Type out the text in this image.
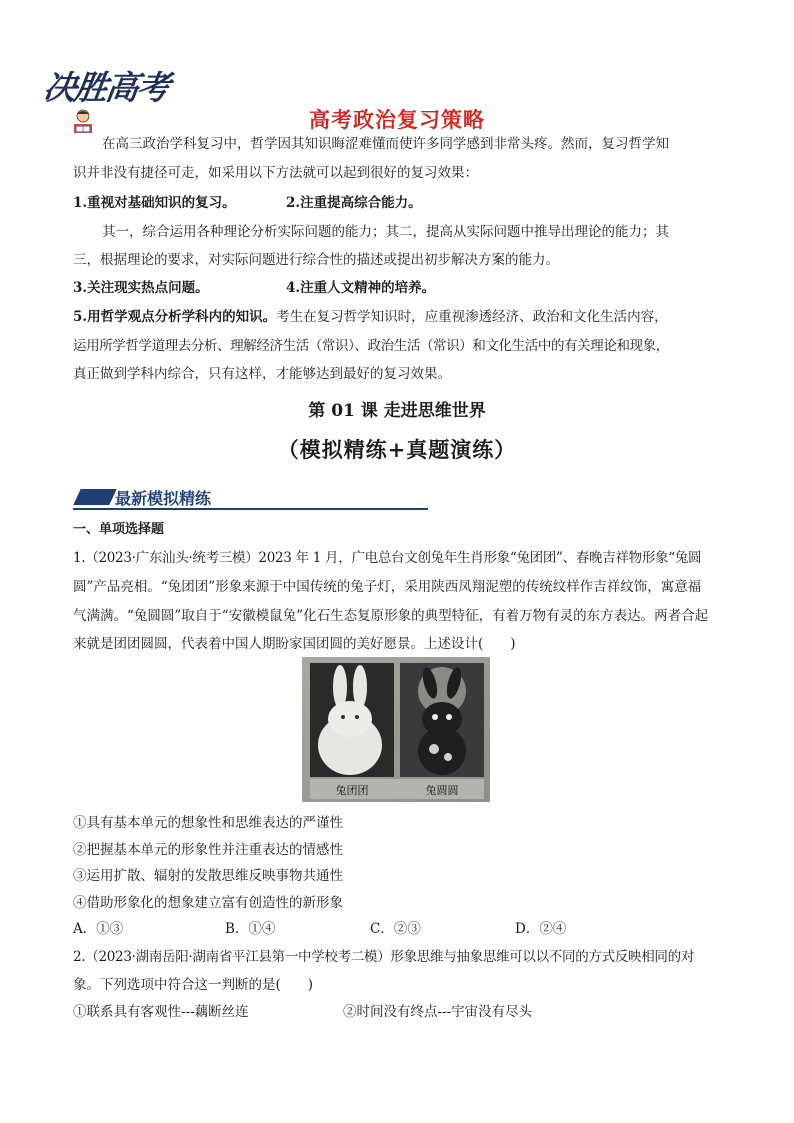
决胜高考
高考政治复习策略
在高三政治学科复习中，哲学因其知识晦涩难懂而使许多同学感到非常头疼。然而，复习哲学知
识并非没有捷径可走，如采用以下方法就可以起到很好的复习效果：
1.重视对基础知识的复习。	2.注重提高综合能力。
其一，综合运用各种理论分析实际问题的能力；其二，提高从实际问题中推导出理论的能力；其
三，根据理论的要求，对实际问题进行综合性的描述或提出初步解决方案的能力。
3.关注现实热点问题。	4.注重人文精神的培养。
5.用哲学观点分析学科内的知识。考生在复习哲学知识时，应重视渗透经济、政治和文化生活内容，
运用所学哲学道理去分析、理解经济生活（常识）、政治生活（常识）和文化生活中的有关理论和现象，
真正做到学科内综合，只有这样，才能够达到最好的复习效果。
第 01 课 走进思维世界
（模拟精练+真题演练）
最新模拟精练
一、单项选择题
1.（2023·广东汕头·统考三模）2023 年 1 月，广电总台文创兔年生肖形象“兔团团”、春晚吉祥物形象“兔圆
圆”产品亮相。“兔团团”形象来源于中国传统的兔子灯，采用陕西凤翔泥塑的传统纹样作吉祥纹饰，寓意福
气满满。“兔圆圆”取自于“安徽模鼠兔”化石生态复原形象的典型特征，有着万物有灵的东方表达。两者合起
来就是团团圆圆，代表着中国人期盼家国团圆的美好愿景。上述设计(　　)
兔团团	兔圆圆
①具有基本单元的想象性和思维表达的严谨性
②把握基本单元的形象性并注重表达的情感性
③运用扩散、辐射的发散思维反映事物共通性
④借助形象化的想象建立富有创造性的新形象
A．①③	B．①④	C．②③	D．②④
2.（2023·湖南岳阳·湖南省平江县第一中学校考二模）形象思维与抽象思维可以以不同的方式反映相同的对
象。下列选项中符合这一判断的是(　　)
①联系具有客观性---藕断丝连	②时间没有终点---宇宙没有尽头
